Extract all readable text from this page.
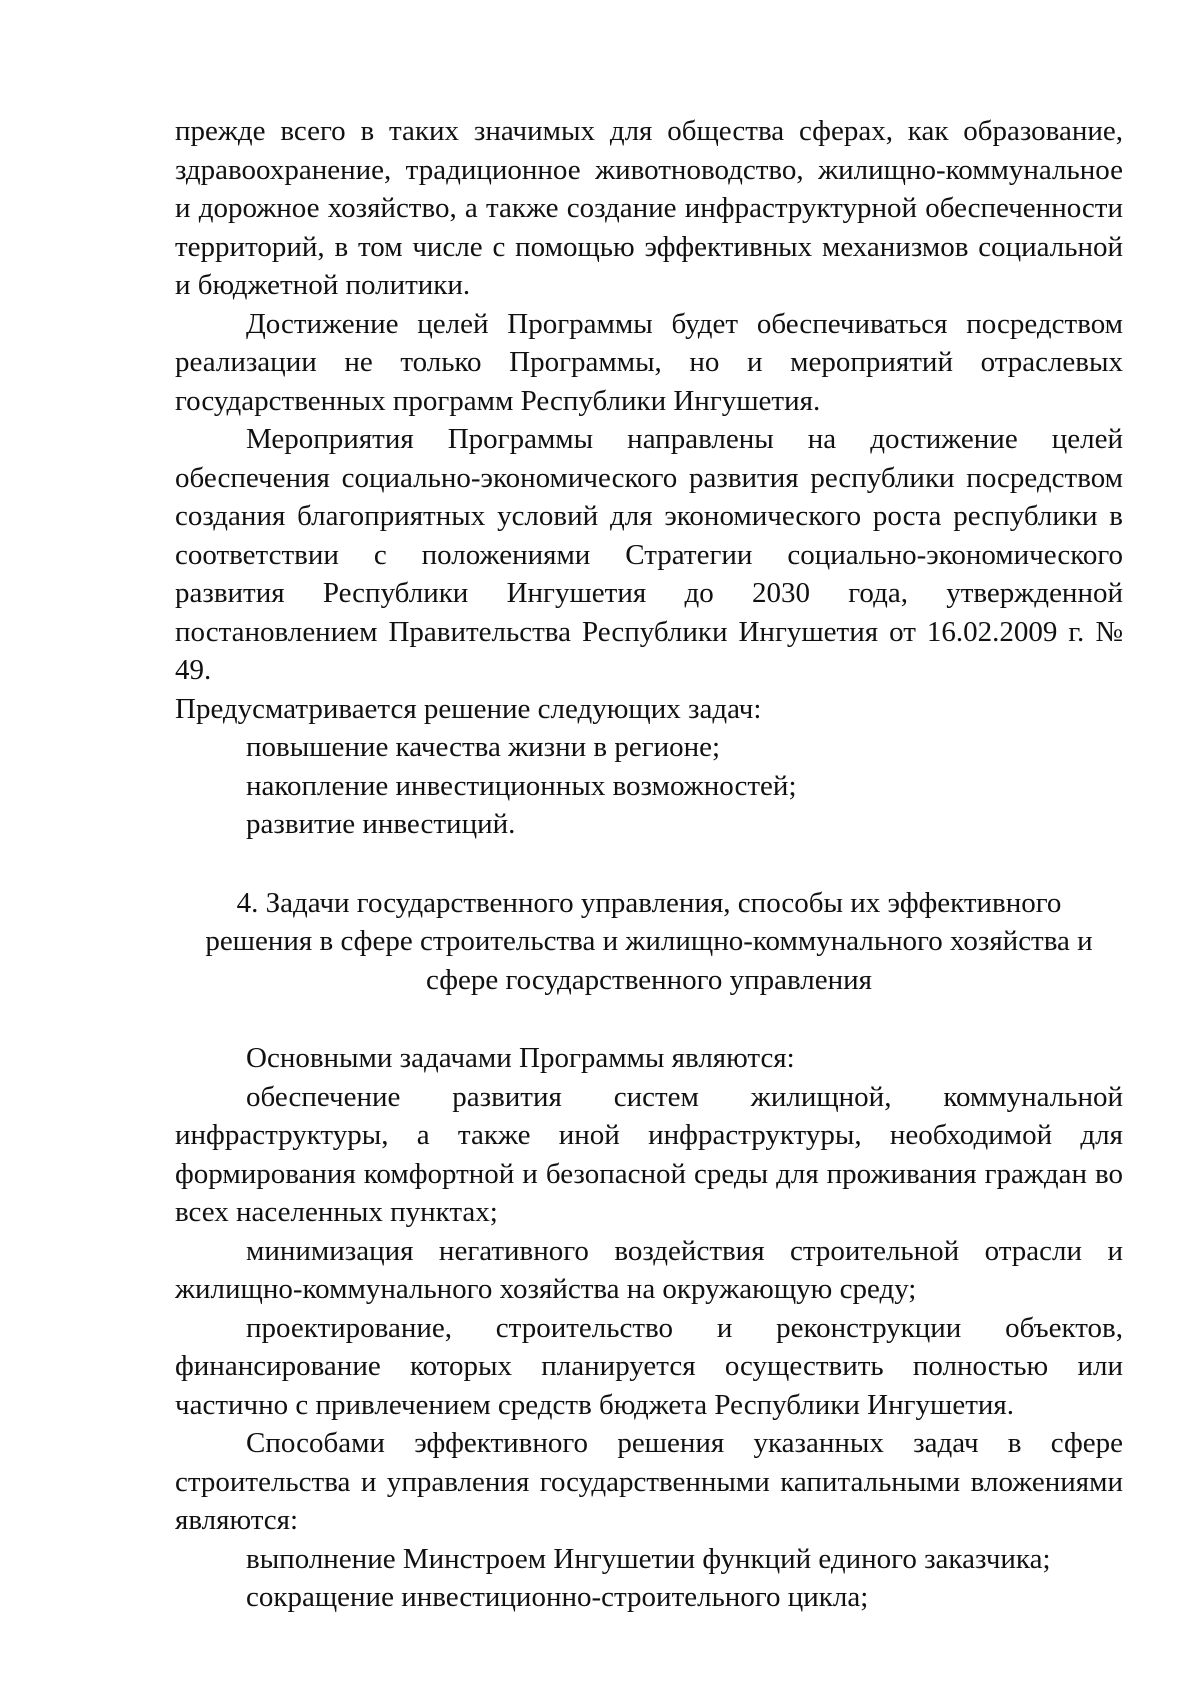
прежде всего в таких значимых для общества сферах, как образование, здравоохранение, традиционное животноводство, жилищно-коммунальное и дорожное хозяйство, а также создание инфраструктурной обеспеченности территорий, в том числе с помощью эффективных механизмов социальной и бюджетной политики.

Достижение целей Программы будет обеспечиваться посредством реализации не только Программы, но и мероприятий отраслевых государственных программ Республики Ингушетия.

Мероприятия Программы направлены на достижение целей обеспечения социально-экономического развития республики посредством создания благоприятных условий для экономического роста республики в соответствии с положениями Стратегии социально-экономического развития Республики Ингушетия до 2030 года, утвержденной постановлением Правительства Республики Ингушетия от 16.02.2009 г. № 49.

Предусматривается решение следующих задач:

повышение качества жизни в регионе;

накопление инвестиционных возможностей;

развитие инвестиций.

4. Задачи государственного управления, способы их эффективного решения в сфере строительства и жилищно-коммунального хозяйства и сфере государственного управления

Основными задачами Программы являются:

обеспечение развития систем жилищной, коммунальной инфраструктуры, а также иной инфраструктуры, необходимой для формирования комфортной и безопасной среды для проживания граждан во всех населенных пунктах;

минимизация негативного воздействия строительной отрасли и жилищно-коммунального хозяйства на окружающую среду;

проектирование, строительство и реконструкции объектов, финансирование которых планируется осуществить полностью или частично с привлечением средств бюджета Республики Ингушетия.

Способами эффективного решения указанных задач в сфере строительства и управления государственными капитальными вложениями являются:

выполнение Минстроем Ингушетии функций единого заказчика;

сокращение инвестиционно-строительного цикла;
